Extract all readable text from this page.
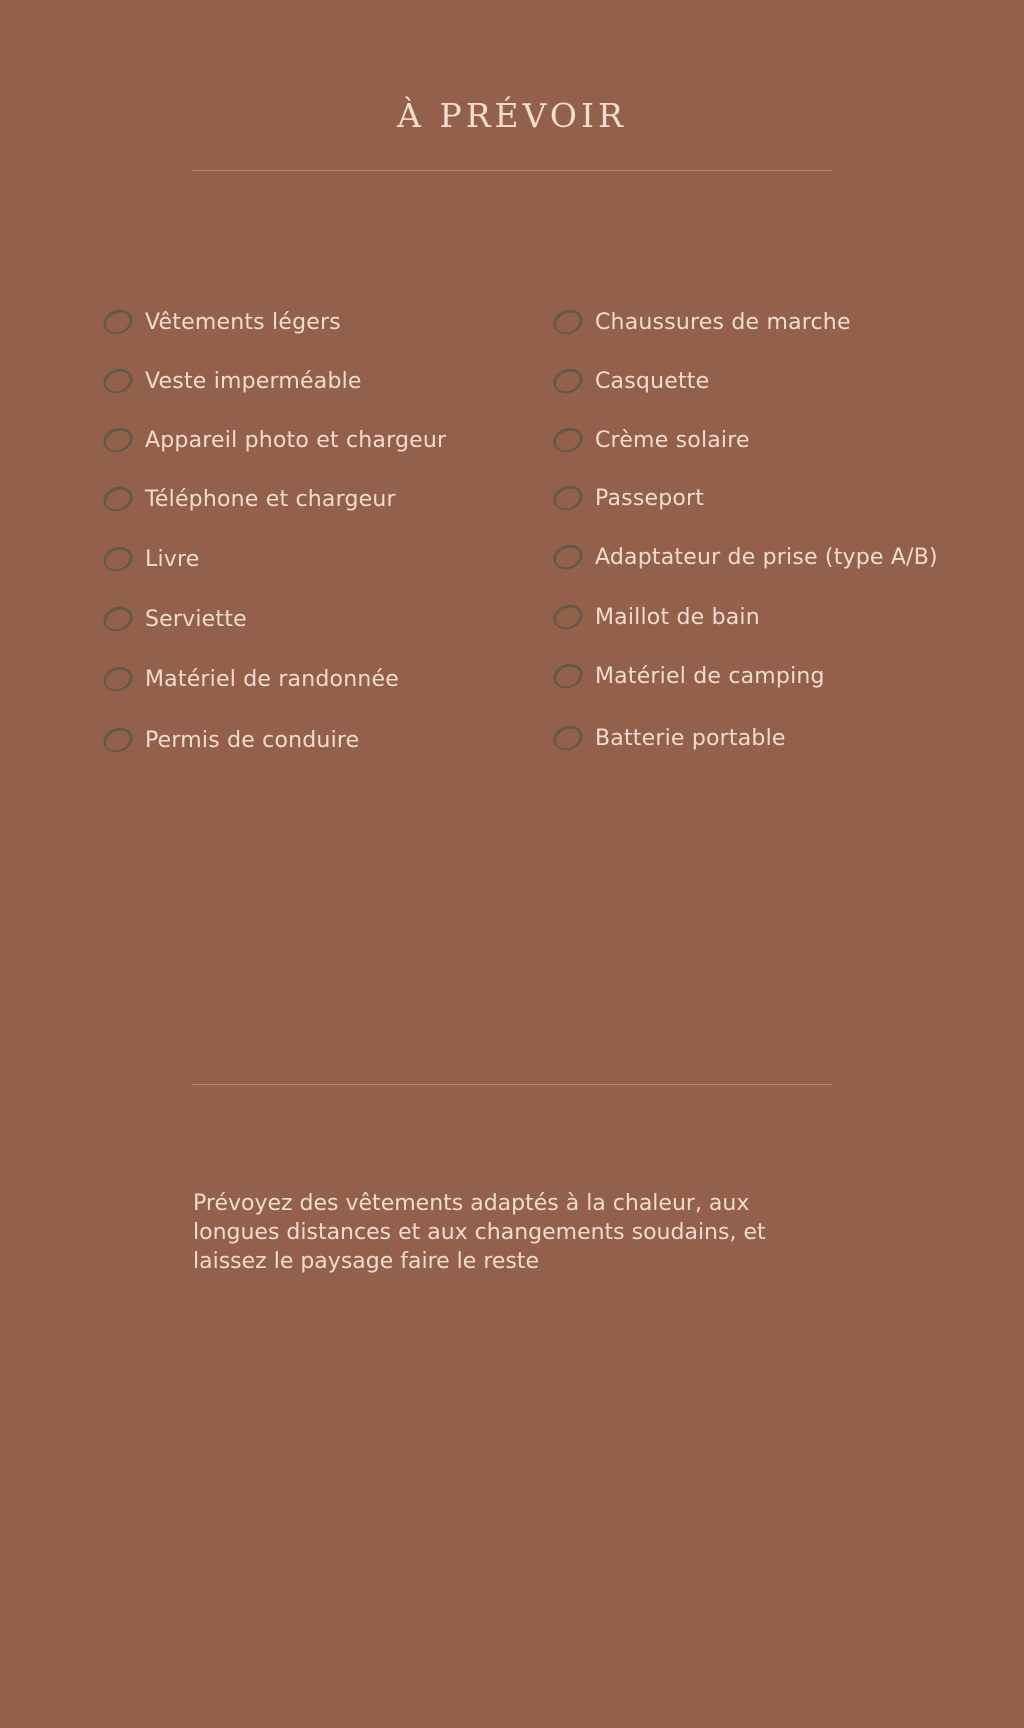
À PRÉVOIR
Vêtements légers
Veste imperméable
Appareil photo et chargeur
Téléphone et chargeur
Livre
Serviette
Matériel de randonnée
Permis de conduire
Chaussures de marche
Casquette
Crème solaire
Passeport
Adaptateur de prise (type A/B)
Maillot de bain
Matériel de camping
Batterie portable

Prévoyez des vêtements adaptés à la chaleur, aux longues distances et aux changements soudains, et laissez le paysage faire le reste
